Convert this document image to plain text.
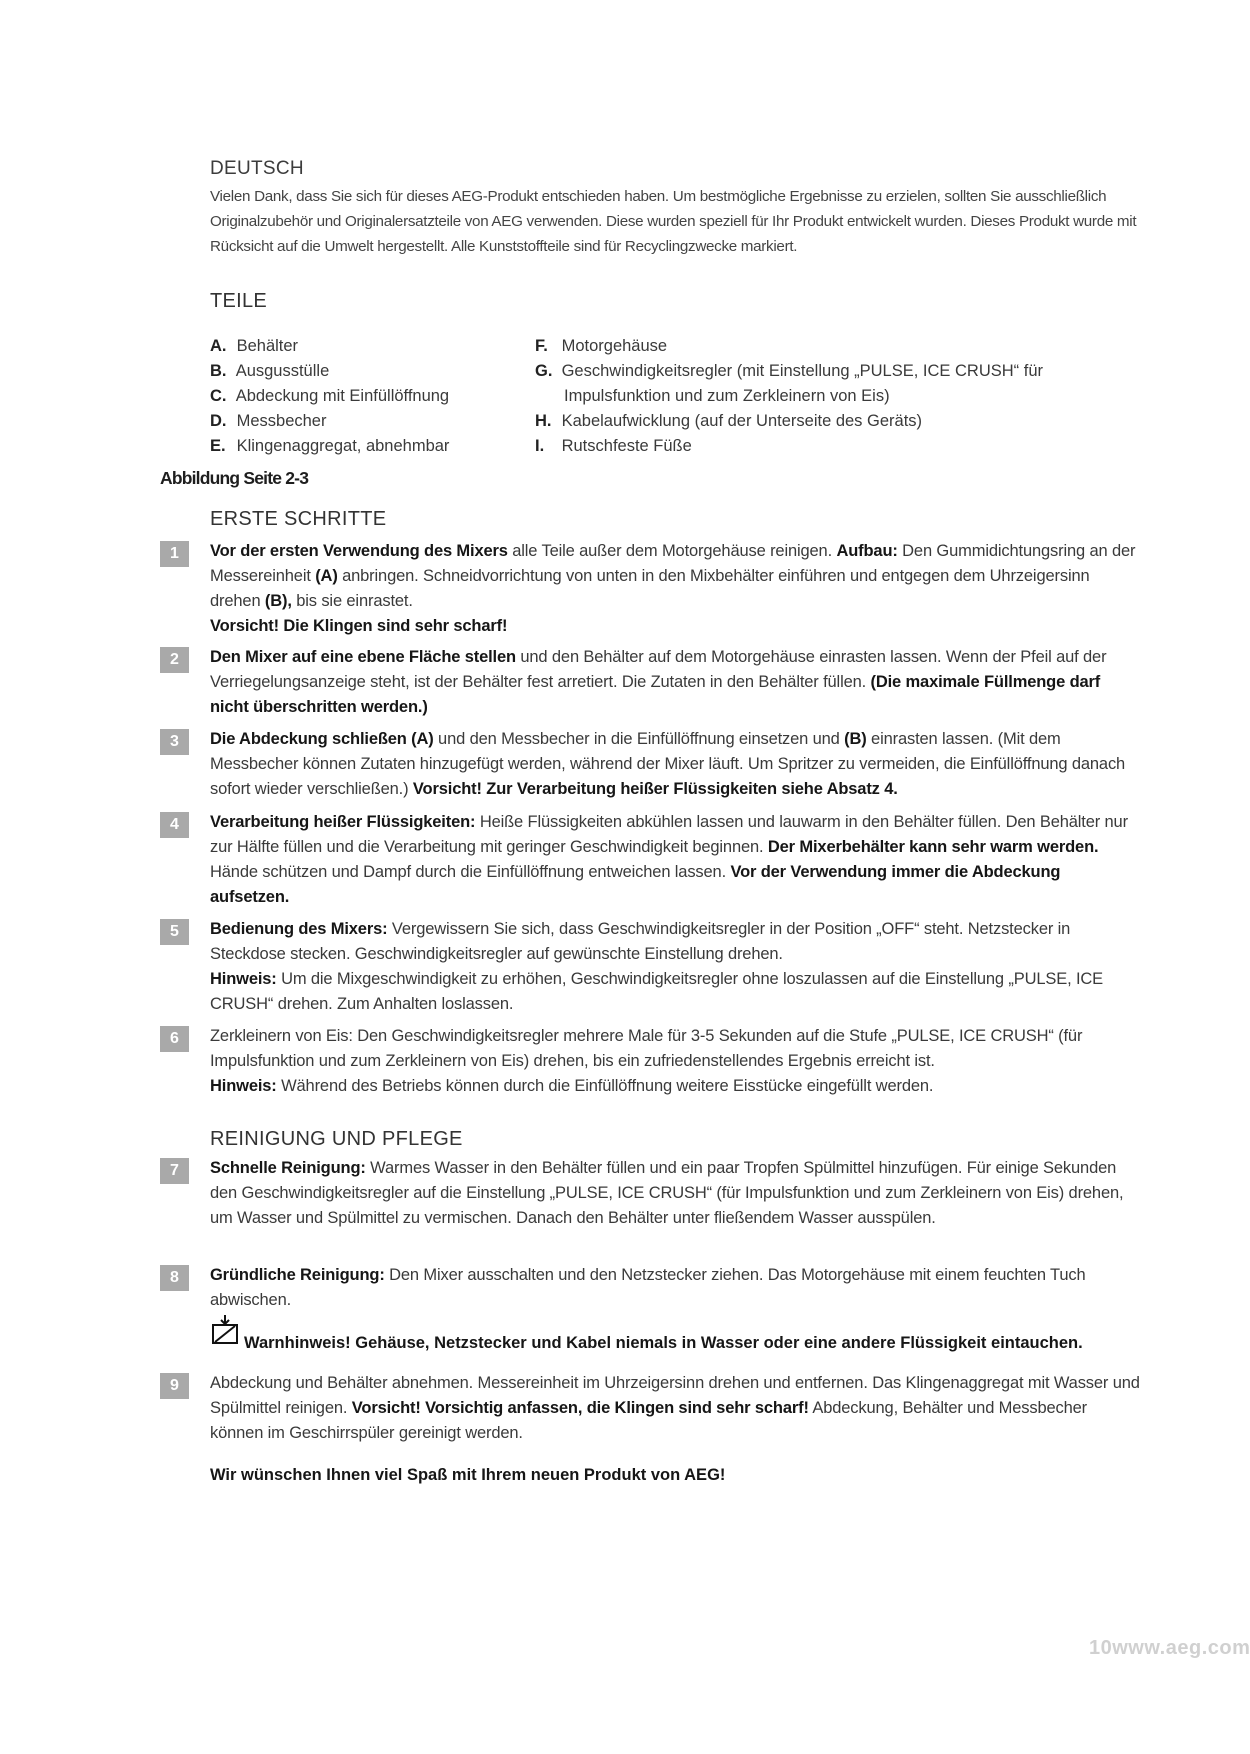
DEUTSCH
Vielen Dank, dass Sie sich für dieses AEG-Produkt entschieden haben. Um bestmögliche Ergebnisse zu erzielen, sollten Sie ausschließlich Originalzubehör und Originalersatzteile von AEG verwenden. Diese wurden speziell für Ihr Produkt entwickelt wurden. Dieses Produkt wurde mit Rücksicht auf die Umwelt hergestellt. Alle Kunststoffteile sind für Recyclingzwecke markiert.
TEILE
A. Behälter
B. Ausgusstülle
C. Abdeckung mit Einfüllöffnung
D. Messbecher
E. Klingenaggregat, abnehmbar
F. Motorgehäuse
G. Geschwindigkeitsregler (mit Einstellung „PULSE, ICE CRUSH“ für
Impulsfunktion und zum Zerkleinern von Eis)
H. Kabelaufwicklung (auf der Unterseite des Geräts)
I. Rutschfeste Füße
Abbildung Seite 2-3
ERSTE SCHRITTE
1	Vor der ersten Verwendung des Mixers alle Teile außer dem Motorgehäuse reinigen. Aufbau: Den Gummidichtungsring an der Messereinheit (A) anbringen. Schneidvorrichtung von unten in den Mixbehälter einführen und entgegen dem Uhrzeigersinn drehen (B), bis sie einrastet.
Vorsicht! Die Klingen sind sehr scharf!
2	Den Mixer auf eine ebene Fläche stellen und den Behälter auf dem Motorgehäuse einrasten lassen. Wenn der Pfeil auf der Verriegelungsanzeige steht, ist der Behälter fest arretiert. Die Zutaten in den Behälter füllen. (Die maximale Füllmenge darf nicht überschritten werden.)
3	Die Abdeckung schließen (A) und den Messbecher in die Einfüllöffnung einsetzen und (B) einrasten lassen. (Mit dem Messbecher können Zutaten hinzugefügt werden, während der Mixer läuft. Um Spritzer zu vermeiden, die Einfüllöffnung danach sofort wieder verschließen.) Vorsicht! Zur Verarbeitung heißer Flüssigkeiten siehe Absatz 4.
4	Verarbeitung heißer Flüssigkeiten: Heiße Flüssigkeiten abkühlen lassen und lauwarm in den Behälter füllen. Den Behälter nur zur Hälfte füllen und die Verarbeitung mit geringer Geschwindigkeit beginnen. Der Mixerbehälter kann sehr warm werden. Hände schützen und Dampf durch die Einfüllöffnung entweichen lassen. Vor der Verwendung immer die Abdeckung aufsetzen.
5	Bedienung des Mixers: Vergewissern Sie sich, dass Geschwindigkeitsregler in der Position „OFF“ steht. Netzstecker in Steckdose stecken. Geschwindigkeitsregler auf gewünschte Einstellung drehen.
Hinweis: Um die Mixgeschwindigkeit zu erhöhen, Geschwindigkeitsregler ohne loszulassen auf die Einstellung „PULSE, ICE CRUSH“ drehen. Zum Anhalten loslassen.
6	Zerkleinern von Eis: Den Geschwindigkeitsregler mehrere Male für 3-5 Sekunden auf die Stufe „PULSE, ICE CRUSH“ (für Impulsfunktion und zum Zerkleinern von Eis) drehen, bis ein zufriedenstellendes Ergebnis erreicht ist.
Hinweis: Während des Betriebs können durch die Einfüllöffnung weitere Eisstücke eingefüllt werden.
REINIGUNG UND PFLEGE
7	Schnelle Reinigung: Warmes Wasser in den Behälter füllen und ein paar Tropfen Spülmittel hinzufügen. Für einige Sekunden den Geschwindigkeitsregler auf die Einstellung „PULSE, ICE CRUSH“ (für Impulsfunktion und zum Zerkleinern von Eis) drehen, um Wasser und Spülmittel zu vermischen. Danach den Behälter unter fließendem Wasser ausspülen.
8	Gründliche Reinigung: Den Mixer ausschalten und den Netzstecker ziehen. Das Motorgehäuse mit einem feuchten Tuch abwischen.
Warnhinweis! Gehäuse, Netzstecker und Kabel niemals in Wasser oder eine andere Flüssigkeit eintauchen.
9	Abdeckung und Behälter abnehmen. Messereinheit im Uhrzeigersinn drehen und entfernen. Das Klingenaggregat mit Wasser und Spülmittel reinigen. Vorsicht! Vorsichtig anfassen, die Klingen sind sehr scharf! Abdeckung, Behälter und Messbecher können im Geschirrspüler gereinigt werden.
Wir wünschen Ihnen viel Spaß mit Ihrem neuen Produkt von AEG!
10www.aeg.com
